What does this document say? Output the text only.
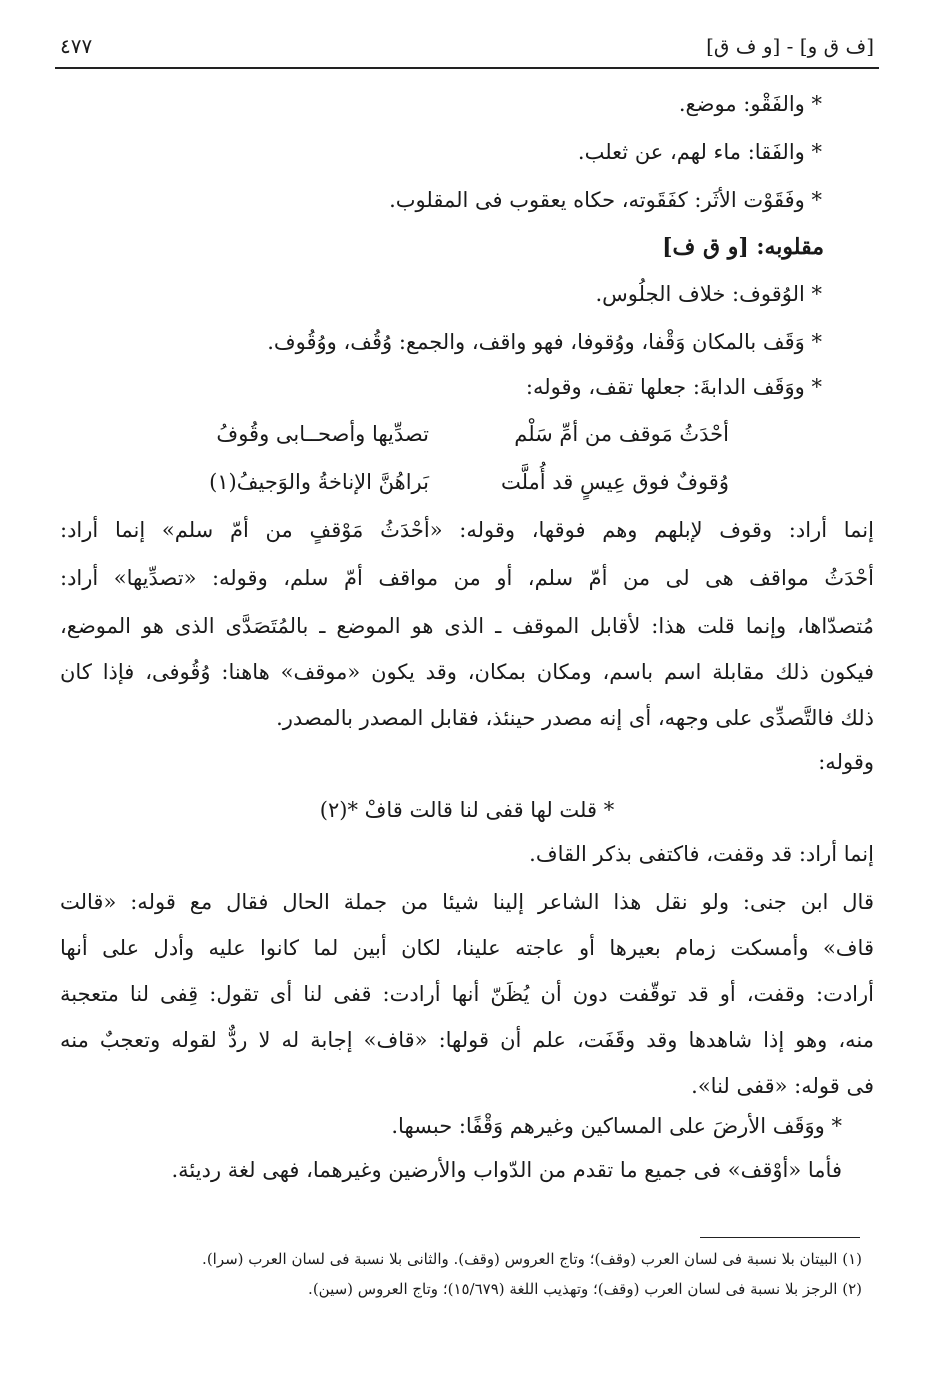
٤٧٧	[ف ق و] - [و ف ق]
* والفَقْو: موضع.
* والفَقا: ماء لهم، عن ثعلب.
* وفَقَوْت الأثَر: كفَقَوته، حكاه يعقوب فى المقلوب.
مقلوبه: [و ق ف]
* الوُقوف: خلاف الجلُوس.
* وَقَف بالمكان وَقْفا، ووُقوفا، فهو واقف، والجمع: وُقُف، ووُقُوف.
* ووَقَف الدابةَ: جعلها تقف، وقوله:
أحْدَثُ مَوقف من أمِّ سَلْم
تصدِّيها وأصحــابى وقُوفُ
وُقوفٌ فوق عِيسٍ قد أُملَّت
بَراهُنَّ الإناخةُ والوَجيفُ(١)
إنما أراد: وقوف لإبلهم وهم فوقها، وقوله: «أحْدَثُ مَوْقفٍ من أمّ سلم» إنما أراد:
أحْدَثُ مواقف هى لى من أمّ سلم، أو من مواقف أمّ سلم، وقوله: «تصدِّيها» أراد:
مُتصدّاها، وإنما قلت هذا: لأقابل الموقف ـ الذى هو الموضع ـ بالمُتَصَدَّى الذى هو الموضع،
فيكون ذلك مقابلة اسم باسم، ومكان بمكان، وقد يكون «موقف» هاهنا: وُقُوفى، فإذا كان
ذلك فالتَّصدِّى على وجهه، أى إنه مصدر حينئذ، فقابل المصدر بالمصدر.
وقوله:
* قلت لها قفى لنا قالت قافْ *(٢)
إنما أراد: قد وقفت، فاكتفى بذكر القاف.
قال ابن جنى: ولو نقل هذا الشاعر إلينا شيئا من جملة الحال فقال مع قوله: «قالت
قاف» وأمسكت زمام بعيرها أو عاجته علينا، لكان أبين لما كانوا عليه وأدل على أنها
أرادت: وقفت، أو قد توقّفت دون أن يُظَنّ أنها أرادت: قفى لنا أى تقول: قِفى لنا متعجبة
منه، وهو إذا شاهدها وقد وقَفَت، علم أن قولها: «قاف» إجابة له لا ردٌّ لقوله وتعجبٌ منه
فى قوله: «قفى لنا».
* ووَقَف الأرضَ على المساكين وغيرهم وَقْفًا: حبسها.
فأما «أوْقف» فى جميع ما تقدم من الدّواب والأرضين وغيرهما، فهى لغة رديئة.
(١) البيتان بلا نسبة فى لسان العرب (وقف)؛ وتاج العروس (وقف). والثانى بلا نسبة فى لسان العرب (سرا).
(٢) الرجز بلا نسبة فى لسان العرب (وقف)؛ وتهذيب اللغة (١٥/٦٧٩)؛ وتاج العروس (سين).
